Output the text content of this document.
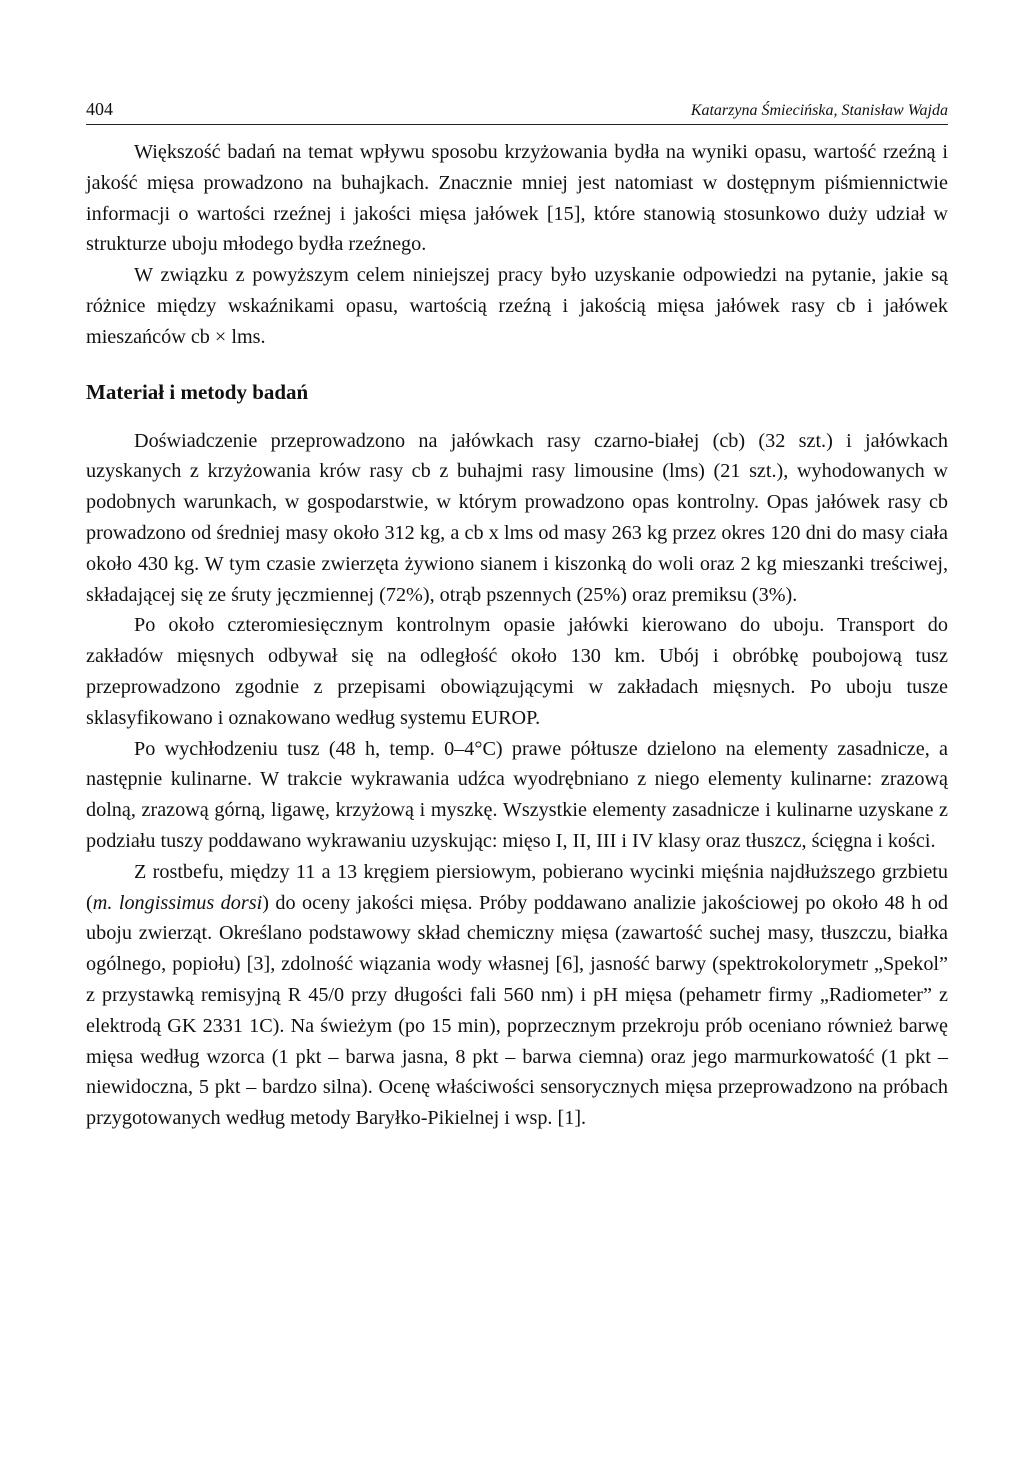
404	Katarzyna Śmiecińska, Stanisław Wajda

Większość badań na temat wpływu sposobu krzyżowania bydła na wyniki opasu, wartość rzeźną i jakość mięsa prowadzono na buhajkach. Znacznie mniej jest natomiast w dostępnym piśmiennictwie informacji o wartości rzeźnej i jakości mięsa jałówek [15], które stanowią stosunkowo duży udział w strukturze uboju młodego bydła rzeźnego.

W związku z powyższym celem niniejszej pracy było uzyskanie odpowiedzi na pytanie, jakie są różnice między wskaźnikami opasu, wartością rzeźną i jakością mięsa jałówek rasy cb i jałówek mieszańców cb × lms.

Materiał i metody badań

Doświadczenie przeprowadzono na jałówkach rasy czarno-białej (cb) (32 szt.) i jałówkach uzyskanych z krzyżowania krów rasy cb z buhajmi rasy limousine (lms) (21 szt.), wyhodowanych w podobnych warunkach, w gospodarstwie, w którym prowadzono opas kontrolny. Opas jałówek rasy cb prowadzono od średniej masy około 312 kg, a cb x lms od masy 263 kg przez okres 120 dni do masy ciała około 430 kg. W tym czasie zwierzęta żywiono sianem i kiszonką do woli oraz 2 kg mieszanki treściwej, składającej się ze śruty jęczmiennej (72%), otrąb pszennych (25%) oraz premiksu (3%).

Po około czteromiesięcznym kontrolnym opasie jałówki kierowano do uboju. Transport do zakładów mięsnych odbywał się na odległość około 130 km. Ubój i obróbkę poubojową tusz przeprowadzono zgodnie z przepisami obowiązującymi w zakładach mięsnych. Po uboju tusze sklasyfikowano i oznakowano według systemu EUROP.

Po wychłodzeniu tusz (48 h, temp. 0–4°C) prawe półtusze dzielono na elementy zasadnicze, a następnie kulinarne. W trakcie wykrawania udźca wyodrębniano z niego elementy kulinarne: zrazową dolną, zrazową górną, ligawę, krzyżową i myszkę. Wszystkie elementy zasadnicze i kulinarne uzyskane z podziału tuszy poddawano wykrawaniu uzyskując: mięso I, II, III i IV klasy oraz tłuszcz, ścięgna i kości.

Z rostbefu, między 11 a 13 kręgiem piersiowym, pobierano wycinki mięśnia najdłuższego grzbietu (m. longissimus dorsi) do oceny jakości mięsa. Próby poddawano analizie jakościowej po około 48 h od uboju zwierząt. Określano podstawowy skład chemiczny mięsa (zawartość suchej masy, tłuszczu, białka ogólnego, popiołu) [3], zdolność wiązania wody własnej [6], jasność barwy (spektrokolorymetr „Spekol” z przystawką remisyjną R 45/0 przy długości fali 560 nm) i pH mięsa (pehametr firmy „Radiometer” z elektrodą GK 2331 1C). Na świeżym (po 15 min), poprzecznym przekroju prób oceniano również barwę mięsa według wzorca (1 pkt – barwa jasna, 8 pkt – barwa ciemna) oraz jego marmurkowatość (1 pkt – niewidoczna, 5 pkt – bardzo silna). Ocenę właściwości sensorycznych mięsa przeprowadzono na próbach przygotowanych według metody Baryłko-Pikielnej i wsp. [1].
